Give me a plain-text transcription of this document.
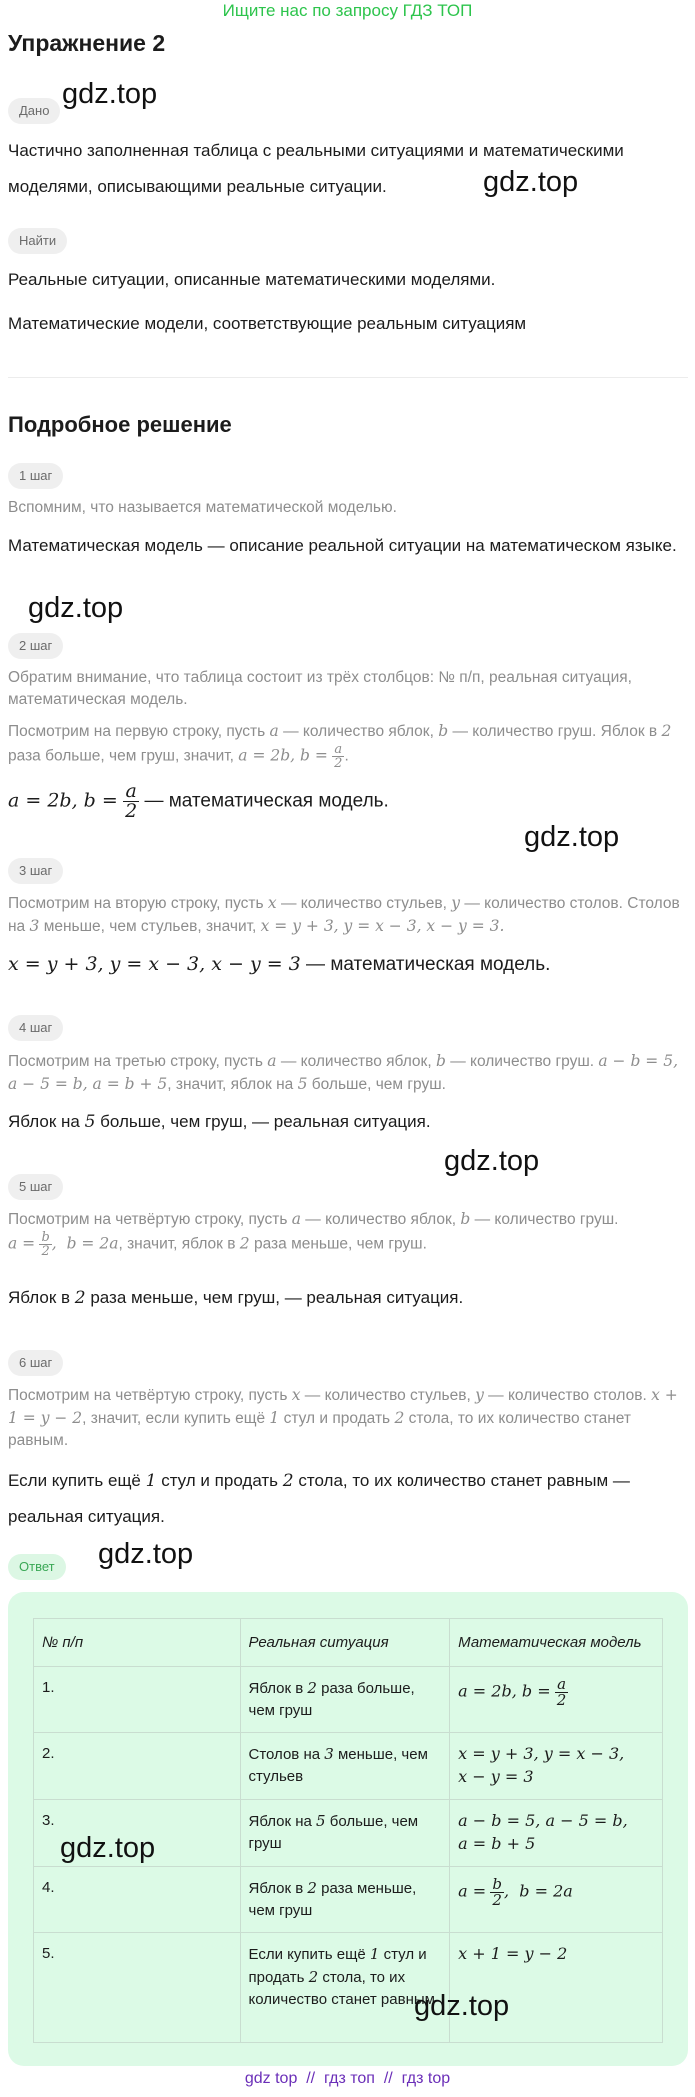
Ищите нас по запросу ГДЗ ТОП
Упражнение 2
Дано
gdz.top
Частично заполненная таблица с реальными ситуациями и математическими моделями, описывающими реальные ситуации.	gdz.top
Найти
Реальные ситуации, описанные математическими моделями.
Математические модели, соответствующие реальным ситуациям
Подробное решение
1 шаг
Вспомним, что называется математической моделью.
Математическая модель — описание реальной ситуации на математическом языке.
gdz.top
2 шаг
Обратим внимание, что таблица состоит из трёх столбцов: № п/п, реальная ситуация, математическая модель.
Посмотрим на первую строку, пусть a — количество яблок, b — количество груш. Яблок в 2 раза больше, чем груш, значит, a = 2b, $b = \frac{a}{2}$ .
a = 2b, $b = \frac{a}{2}$ — математическая модель.
gdz.top
3 шаг
Посмотрим на вторую строку, пусть x — количество стульев, y — количество столов. Столов на 3 меньше, чем стульев, значит, x = y + 3, y = x − 3, x − y = 3.
x = y + 3, y = x − 3, x − y = 3 — математическая модель.
4 шаг
Посмотрим на третью строку, пусть a — количество яблок, b — количество груш. a − b = 5, a − 5 = b, a = b + 5, значит, яблок на 5 больше, чем груш.
Яблок на 5 больше, чем груш, — реальная ситуация.
gdz.top
5 шаг
Посмотрим на четвёртую строку, пусть a — количество яблок, b — количество груш.
$a = \frac{b}{2}$ ,  b = 2a, значит, яблок в 2 раза меньше, чем груш.
Яблок в 2 раза меньше, чем груш, — реальная ситуация.
6 шаг
Посмотрим на четвёртую строку, пусть x — количество стульев, y — количество столов. x + 1 = y − 2, значит, если купить ещё 1 стул и продать 2 стола, то их количество станет равным.
Если купить ещё 1 стул и продать 2 стола, то их количество станет равным —
реальная ситуация.
Ответ	gdz.top
№ п/п	Реальная ситуация	Математическая модель
1.	Яблок в 2 раза больше, чем груш	a = 2b, $b = \frac{a}{2}$

2.	Столов на 3 меньше, чем стульев	x = y + 3, y = x − 3,
x − y = 3
3.	Яблок на 5 больше, чем груш	a − b = 5, a − 5 = b,
a = b + 5
4.	Яблок в 2 раза меньше, чем груш	$a = \frac{b}{2}$ ,  b = 2a
5.	Если купить ещё 1 стул и продать 2 стола, то их количество станет равным	x + 1 = y − 2
gdz.top
gdz.top
gdz top // гдз топ // гдз top
